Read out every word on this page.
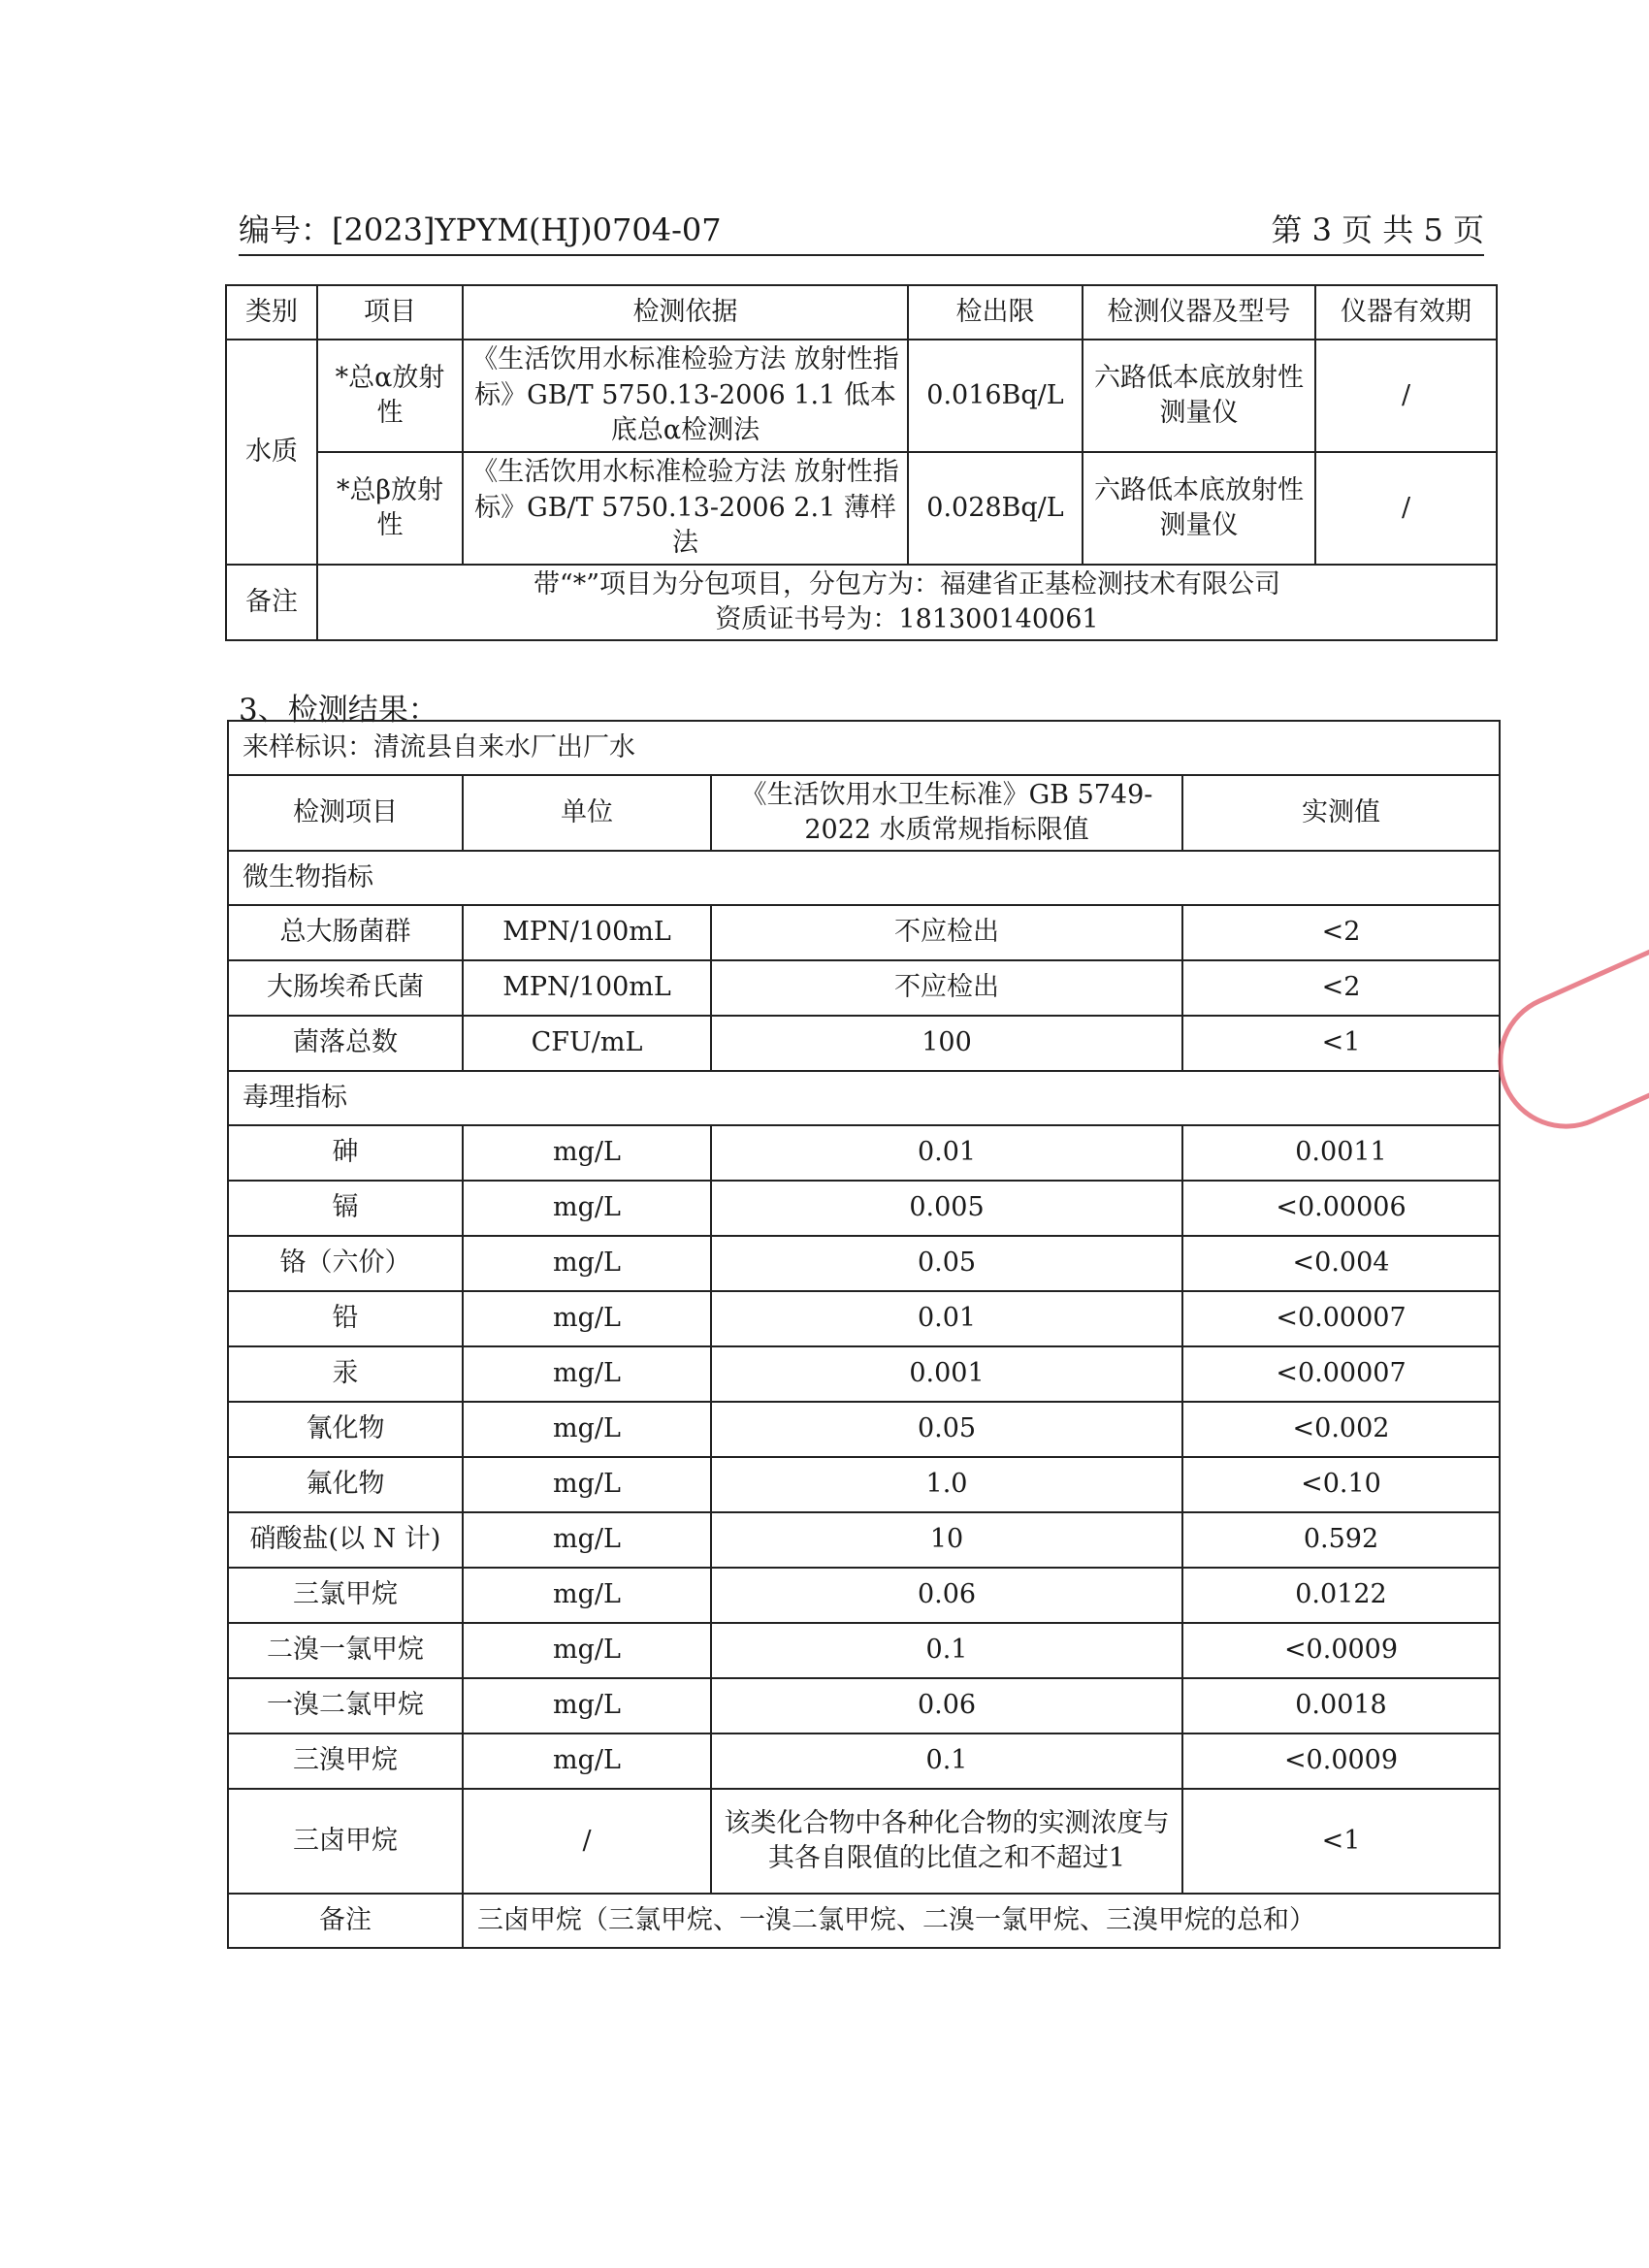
编号：[2023]YPYM(HJ)0704-07	第 3 页 共 5 页
类别	项目	检测依据	检出限	检测仪器及型号	仪器有效期
水质	*总α放射性	《生活饮用水标准检验方法 放射性指标》GB/T 5750.13-2006 1.1 低本底总α检测法	0.016Bq/L	六路低本底放射性测量仪	/
	*总β放射性	《生活饮用水标准检验方法 放射性指标》GB/T 5750.13-2006 2.1 薄样法	0.028Bq/L	六路低本底放射性测量仪	/
备注	带“*”项目为分包项目，分包方为：福建省正基检测技术有限公司
资质证书号为：181300140061				
3、检测结果：
来样标识：清流县自来水厂出厂水			
检测项目	单位	《生活饮用水卫生标准》GB 5749-2022 水质常规指标限值	实测值
微生物指标			
总大肠菌群	MPN/100mL	不应检出	<2
大肠埃希氏菌	MPN/100mL	不应检出	<2
菌落总数	CFU/mL	100	<1
毒理指标			
砷	mg/L	0.01	0.0011
镉	mg/L	0.005	<0.00006
铬（六价）	mg/L	0.05	<0.004
铅	mg/L	0.01	<0.00007
汞	mg/L	0.001	<0.00007
氰化物	mg/L	0.05	<0.002
氟化物	mg/L	1.0	<0.10
硝酸盐(以 N 计)	mg/L	10	0.592
三氯甲烷	mg/L	0.06	0.0122
二溴一氯甲烷	mg/L	0.1	<0.0009
一溴二氯甲烷	mg/L	0.06	0.0018
三溴甲烷	mg/L	0.1	<0.0009
三卤甲烷	/	该类化合物中各种化合物的实测浓度与其各自限值的比值之和不超过1	<1
备注	三卤甲烷（三氯甲烷、一溴二氯甲烷、二溴一氯甲烷、三溴甲烷的总和）		
